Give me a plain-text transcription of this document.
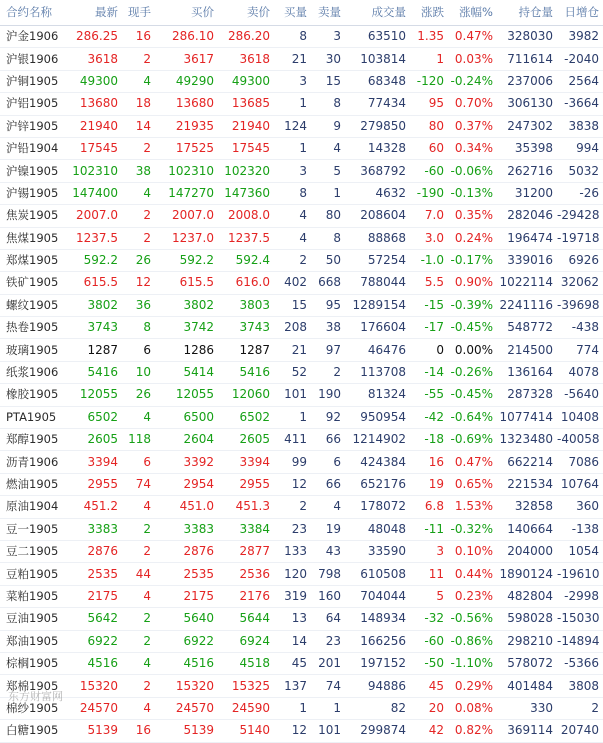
合约名称	最新	现手	买价	卖价	买量	卖量	成交量	涨跌	涨幅%	持仓量	日增仓
沪金1906	286.25	16	286.10	286.20	8	3	63510	1.35	0.47%	328030	3982
沪银1906	3618	2	3617	3618	21	30	103814	1	0.03%	711614	-2040
沪铜1905	49300	4	49290	49300	3	15	68348	-120	-0.24%	237006	2564
沪铝1905	13680	18	13680	13685	1	8	77434	95	0.70%	306130	-3664
沪锌1905	21940	14	21935	21940	124	9	279850	80	0.37%	247302	3838
沪铅1904	17545	2	17525	17545	1	4	14328	60	0.34%	35398	994
沪镍1905	102310	38	102310	102320	3	5	368792	-60	-0.06%	262716	5032
沪锡1905	147400	4	147270	147360	8	1	4632	-190	-0.13%	31200	-26
焦炭1905	2007.0	2	2007.0	2008.0	4	80	208604	7.0	0.35%	282046	-29428
焦煤1905	1237.5	2	1237.0	1237.5	4	8	88868	3.0	0.24%	196474	-19718
郑煤1905	592.2	26	592.2	592.4	2	50	57254	-1.0	-0.17%	339016	6926
铁矿1905	615.5	12	615.5	616.0	402	668	788044	5.5	0.90%	1022114	32062
螺纹1905	3802	36	3802	3803	15	95	1289154	-15	-0.39%	2241116	-39698
热卷1905	3743	8	3742	3743	208	38	176604	-17	-0.45%	548772	-438
玻璃1905	1287	6	1286	1287	21	97	46476	0	0.00%	214500	774
纸浆1906	5416	10	5414	5416	52	2	113708	-14	-0.26%	136164	4078
橡胶1905	12055	26	12055	12060	101	190	81324	-55	-0.45%	287328	-5640
PTA1905	6502	4	6500	6502	1	92	950954	-42	-0.64%	1077414	10408
郑醇1905	2605	118	2604	2605	411	66	1214902	-18	-0.69%	1323480	-40058
沥青1906	3394	6	3392	3394	99	6	424384	16	0.47%	662214	7086
燃油1905	2955	74	2954	2955	12	66	652176	19	0.65%	221534	10764
原油1904	451.2	4	451.0	451.3	2	4	178072	6.8	1.53%	32858	360
豆一1905	3383	2	3383	3384	23	19	48048	-11	-0.32%	140664	-138
豆二1905	2876	2	2876	2877	133	43	33590	3	0.10%	204000	1054
豆粕1905	2535	44	2535	2536	120	798	610508	11	0.44%	1890124	-19610
菜粕1905	2175	4	2175	2176	319	160	704044	5	0.23%	482804	-2998
豆油1905	5642	2	5640	5644	13	64	148934	-32	-0.56%	598028	-15030
郑油1905	6922	2	6922	6924	14	23	166256	-60	-0.86%	298210	-14894
棕榈1905	4516	4	4516	4518	45	201	197152	-50	-1.10%	578072	-5366
郑棉1905	15320	2	15320	15325	137	74	94886	45	0.29%	401484	3808
棉纱1905	24570	4	24570	24590	1	1	82	20	0.08%	330	2
白糖1905	5139	16	5139	5140	12	101	299874	42	0.82%	369114	20740
东方财富网
